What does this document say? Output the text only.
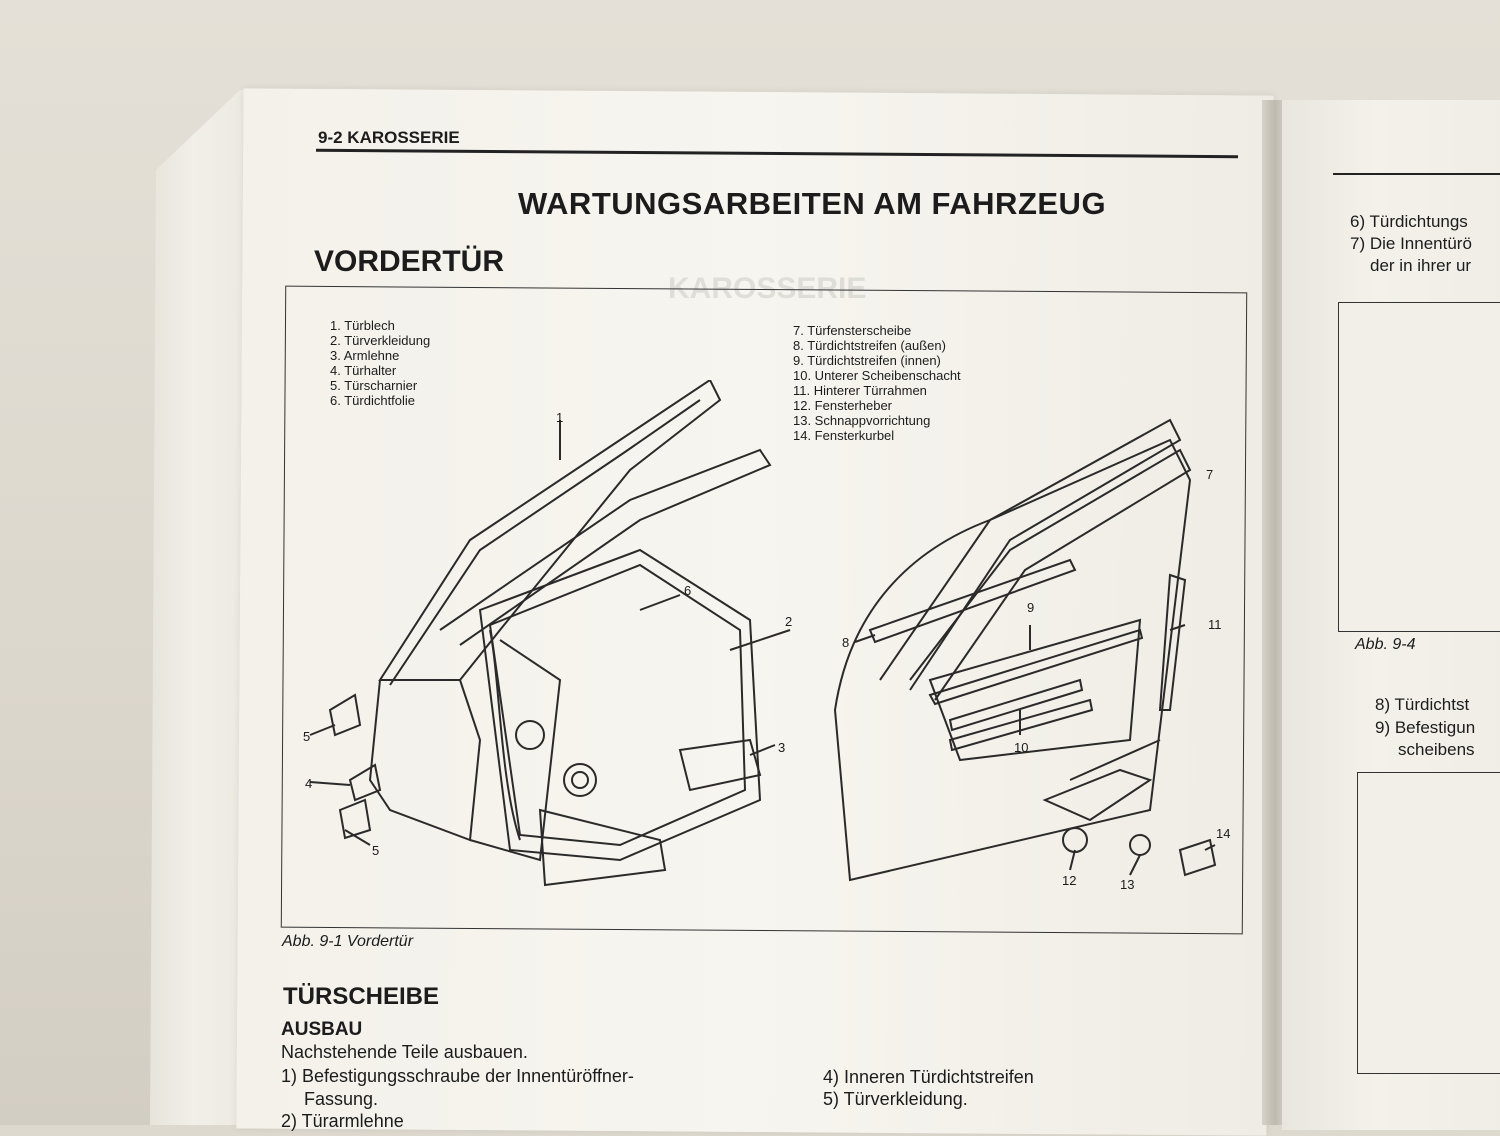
KAROSSERIE
9-2 KAROSSERIE
WARTUNGSARBEITEN AM FAHRZEUG
VORDERTÜR
1. Türblech
2. Türverkleidung
3. Armlehne
4. Türhalter
5. Türscharnier
6. Türdichtfolie
7. Türfensterscheibe
8. Türdichtstreifen (außen)
9. Türdichtstreifen (innen)
10. Unterer Scheibenschacht
11. Hinterer Türrahmen
12. Fensterheber
13. Schnappvorrichtung
14. Fensterkurbel
1
2
3
4
5
5
6
7
8
9
10
11
12	13
14
Abb. 9-1 Vordertür
TÜRSCHEIBE
AUSBAU
Nachstehende Teile ausbauen.
1) Befestigungsschraube der Innentüröffner-
Fassung.
2) Türarmlehne
4) Inneren Türdichtstreifen
5) Türverkleidung.
6) Türdichtungs
7) Die Innentürö
der in ihrer ur
Abb. 9-4
8) Türdichtst
9) Befestigun
scheibens
